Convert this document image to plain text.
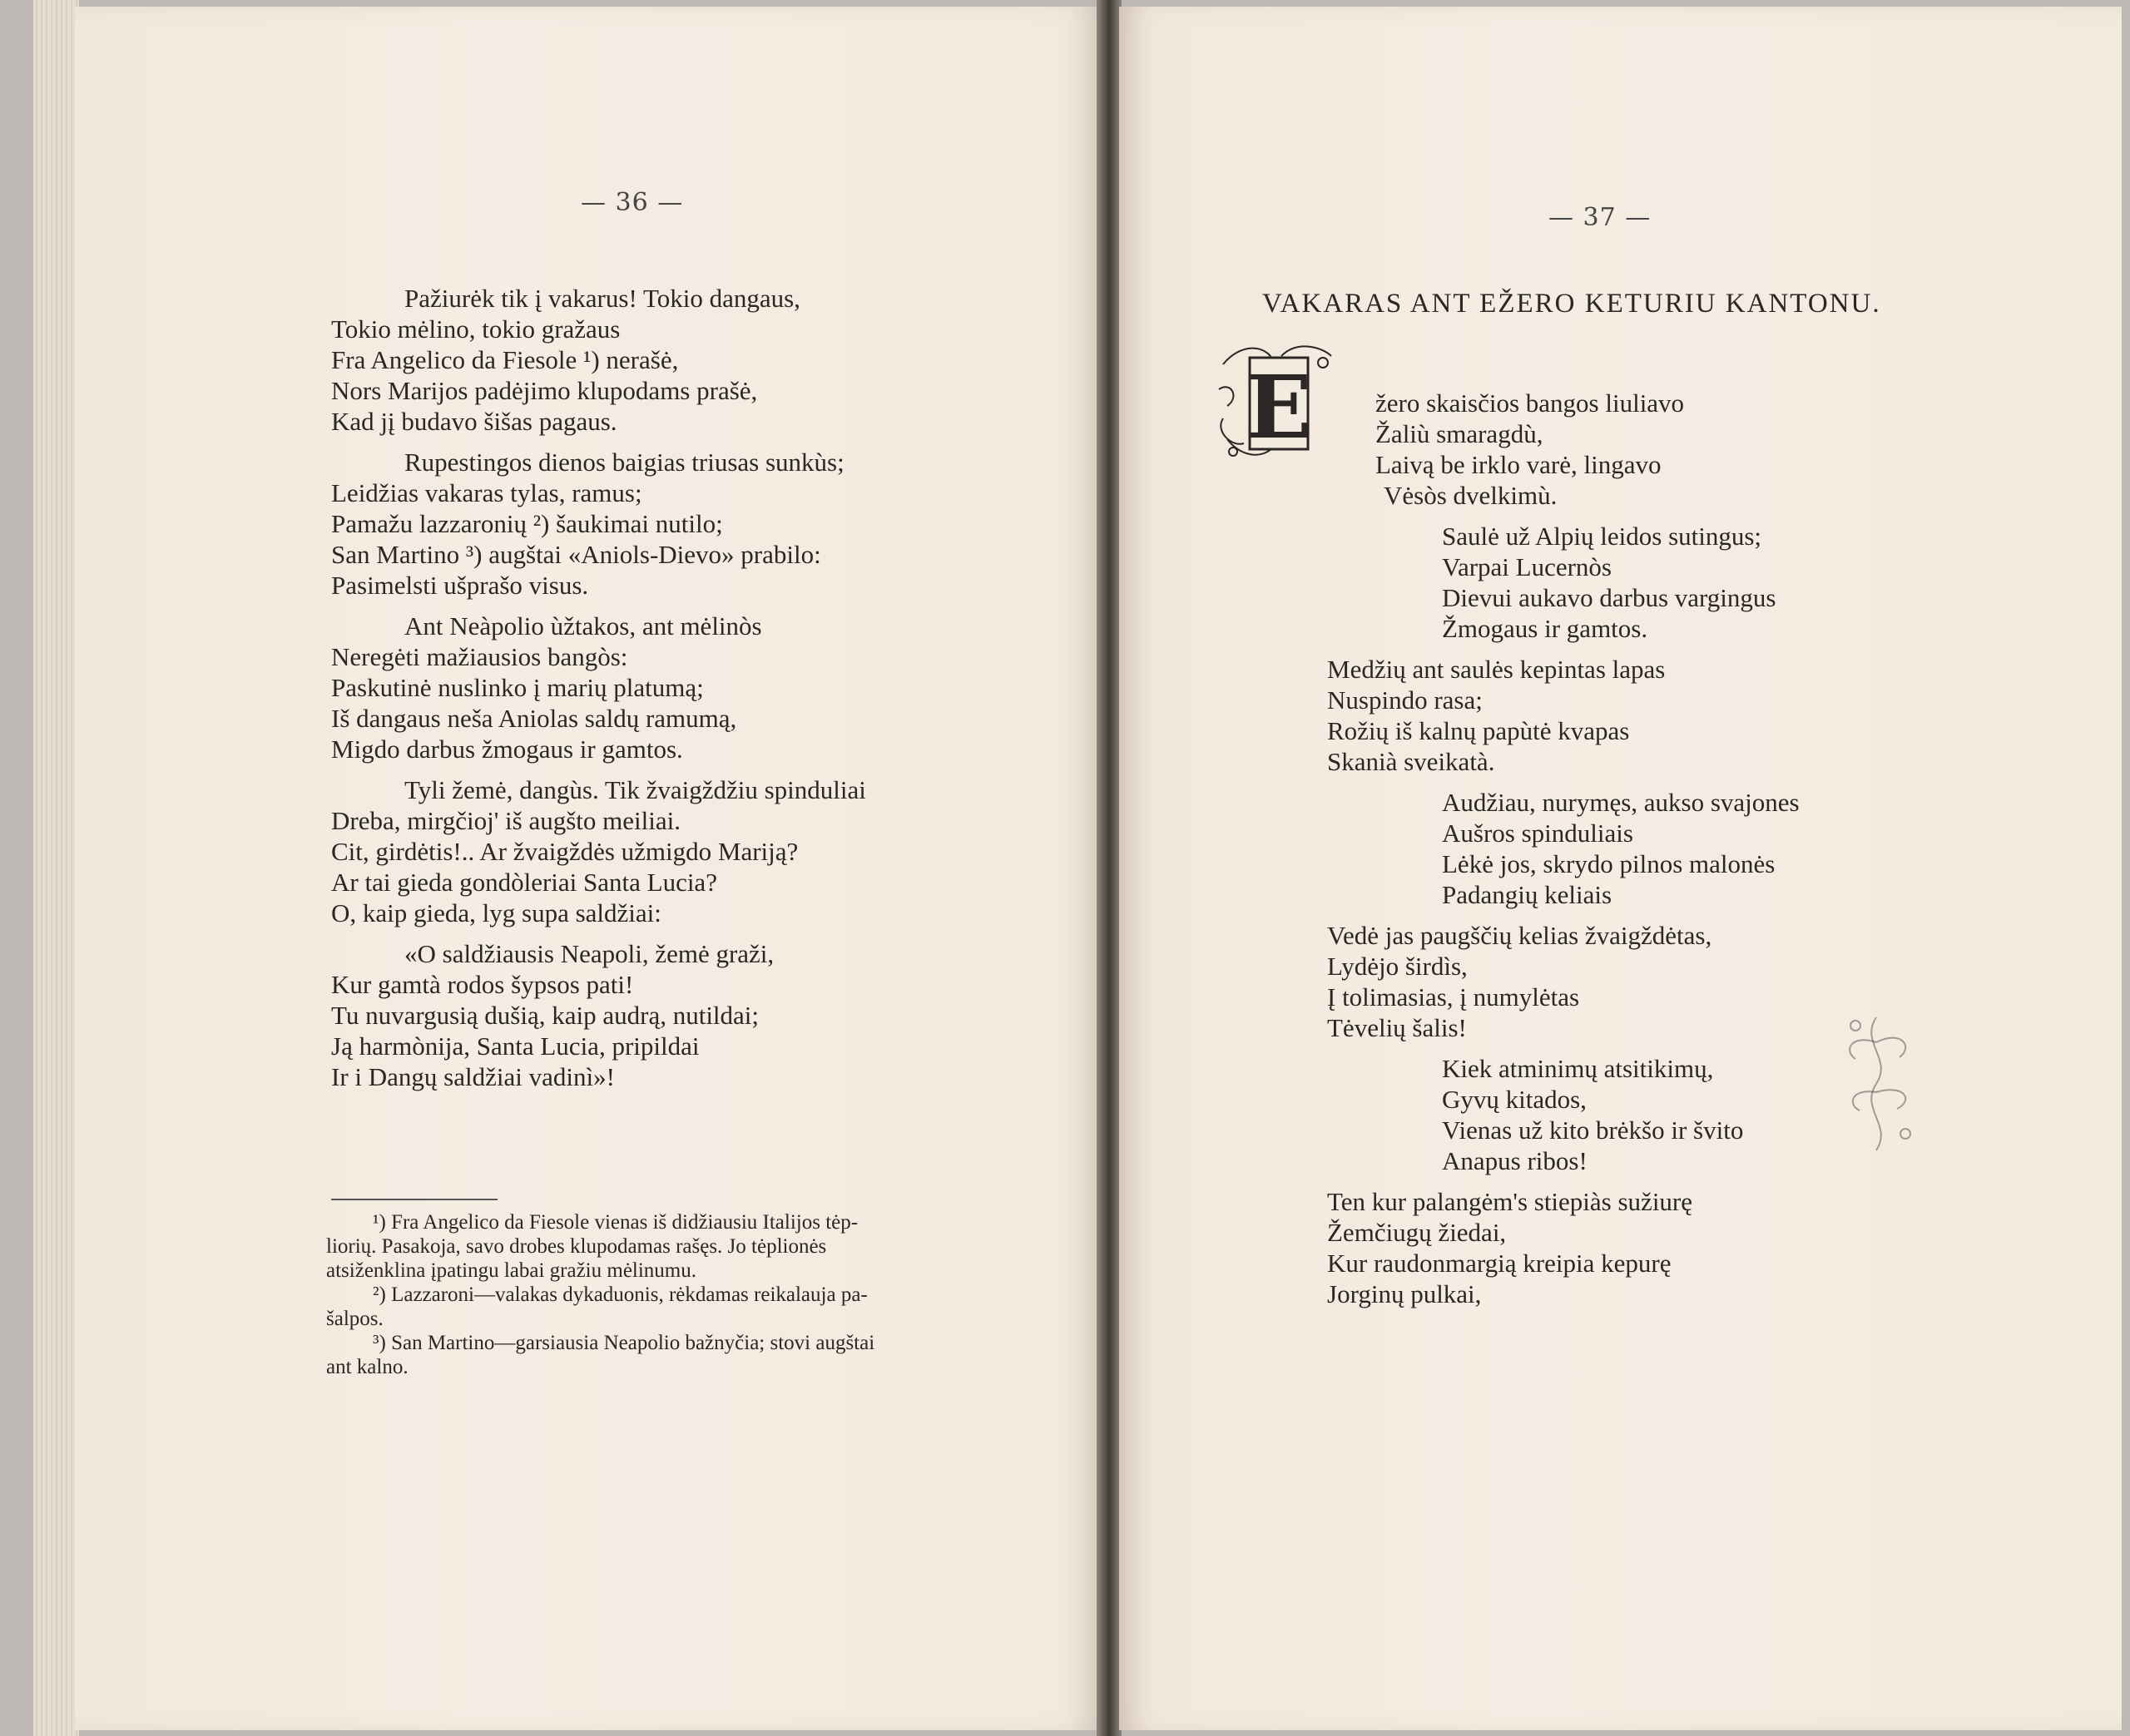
— 36 —
Pažiurėk tik į vakarus! Tokio dangaus,
Tokio mėlino, tokio gražaus
Fra Angelico da Fiesole ¹) nerašė,
Nors Marijos padėjimo klupodams prašė,
Kad jį budavo šišas pagaus.
Rupestingos dienos baigias triusas sunkùs;
Leidžias vakaras tylas, ramus;
Pamažu lazzaronių ²) šaukimai nutilo;
San Martino ³) augštai «Aniols-Dievo» prabilo:
Pasimelsti ušprašo visus.
Ant Neàpolio ùžtakos, ant mėlinòs
Neregėti mažiausios bangòs:
Paskutinė nuslinko į marių platumą;
Iš dangaus neša Aniolas saldų ramumą,
Migdo darbus žmogaus ir gamtos.
Tyli žemė, dangùs. Tik žvaigždžiu spinduliai
Dreba, mirgčioj' iš augšto meiliai.
Cit, girdėtis!.. Ar žvaigždės užmigdo Mariją?
Ar tai gieda gondòleriai Santa Lucia?
O, kaip gieda, lyg supa saldžiai:
«O saldžiausis Neapoli, žemė graži,
Kur gamtà rodos šypsos pati!
Tu nuvargusią dušią, kaip audrą, nutildai;
Ją harmònija, Santa Lucia, pripildai
Ir i Dangų saldžiai vadinì»!
¹) Fra Angelico da Fiesole vienas iš didžiausiu Italijos tėp-
liorių. Pasakoja, savo drobes klupodamas rašęs. Jo tėplionės
atsiženklina įpatingu labai gražiu mėlinumu.
²) Lazzaroni—valakas dykaduonis, rėkdamas reikalauja pa-
šalpos.
³) San Martino—garsiausia Neapolio bažnyčia; stovi augštai
ant kalno.
— 37 —
VAKARAS ANT EŽERO KETURIU KANTONU.
E	žero skaisčios bangos liuliavo
Žaliù smaragdù,
Laivą be irklo varė, lingavo
Vėsòs dvelkimù.
Saulė už Alpių leidos sutingus;
Varpai Lucernòs
Dievui aukavo darbus vargingus
Žmogaus ir gamtos.
Medžių ant saulės kepintas lapas
Nuspindo rasa;
Rožių iš kalnų papùtė kvapas
Skanià sveikatà.
Audžiau, nurymęs, aukso svajones
Aušros spinduliais
Lėkė jos, skrydo pilnos malonės
Padangių keliais
Vedė jas paugščių kelias žvaigždėtas,
Lydėjo širdìs,
Į tolimasias, į numylėtas
Tėvelių šalis!
Kiek atminimų atsitikimų,
Gyvų kitados,
Vienas už kito brėkšo ir švito
Anapus ribos!
Ten kur palangėm's stiepiàs sužiurę
Žemčiugų žiedai,
Kur raudonmargią kreipia kepurę
Jorginų pulkai,
